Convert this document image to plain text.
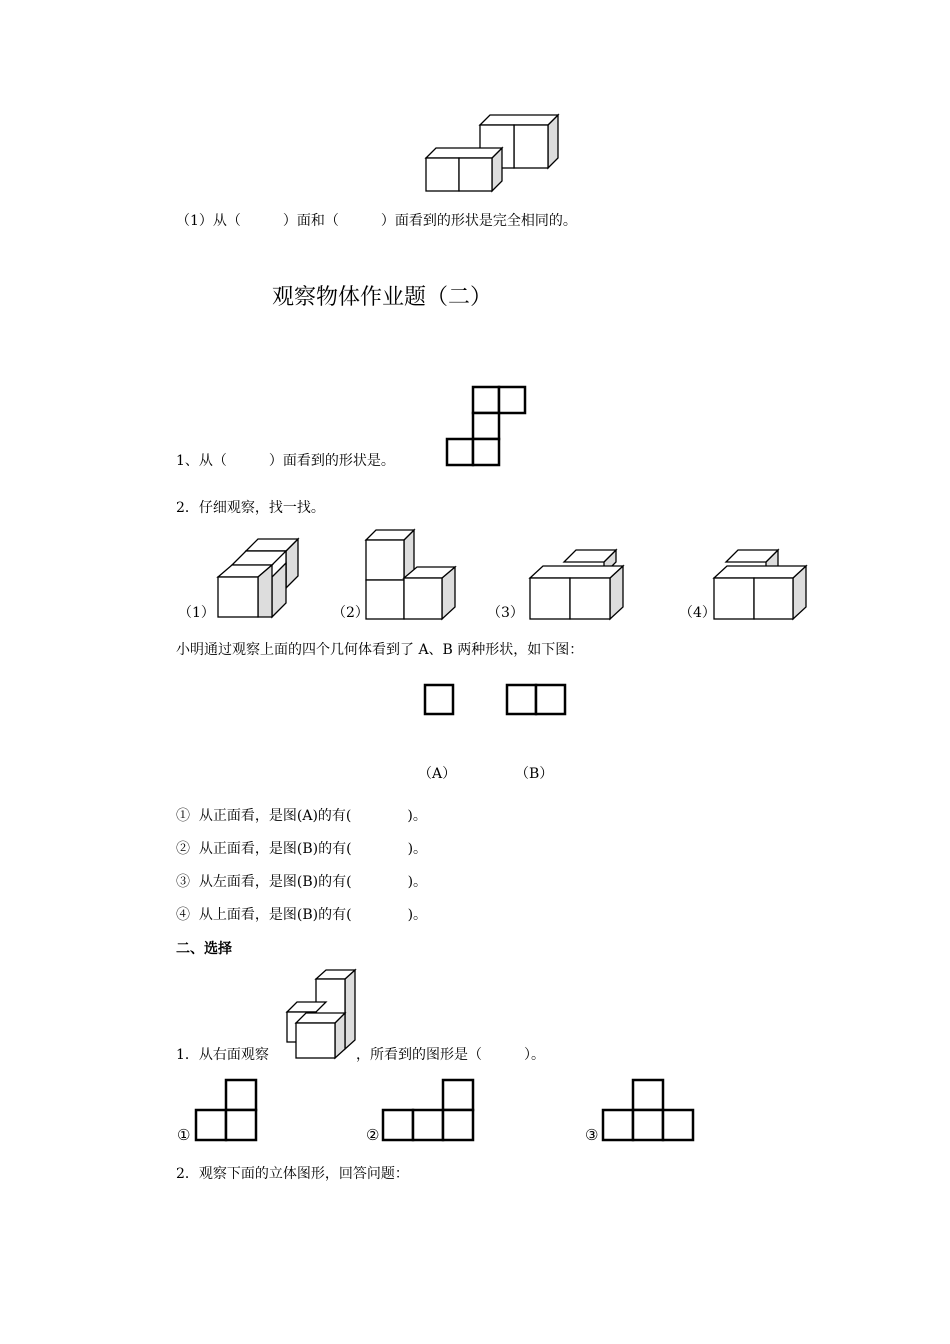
（1）从（　　　）面和（　　　）面看到的形状是完全相同的。
观察物体作业题（二）
1、从（　　　）面看到的形状是。
2．仔细观察，找一找。
（1）	（2）	（3）	（4）
小明通过观察上面的四个几何体看到了 A、B 两种形状，如下图：
（A）	（B）
①  从正面看，是图(A)的有(　　　　)。
②  从正面看，是图(B)的有(　　　　)。
③  从左面看，是图(B)的有(　　　　)。
④  从上面看，是图(B)的有(　　　　)。
二、选择
1．从右面观察	，所看到的图形是（　　　）。
①	②	③
2．观察下面的立体图形，回答问题：
